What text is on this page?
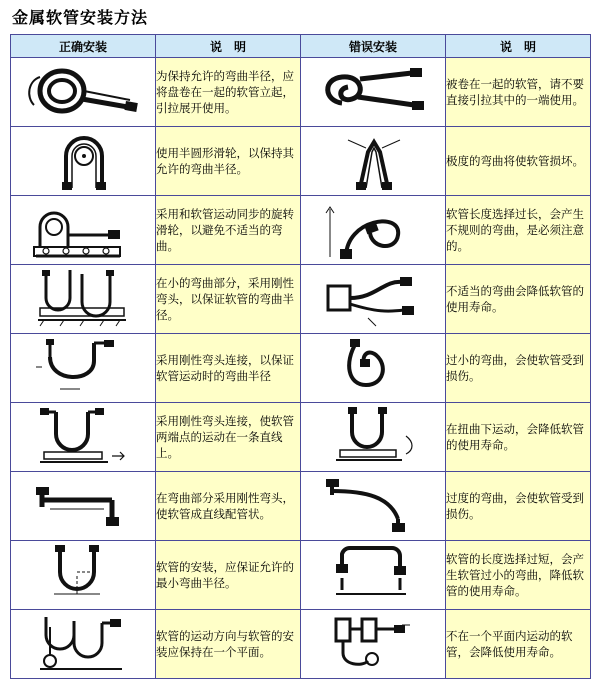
金属软管安装方法
正确安装	说　明	错误安装	说　明

	为保持允许的弯曲半径，应将盘卷在一起的软管立起，引拉展开使用。		被卷在一起的软管，请不要直接引拉其中的一端使用。

	使用半圆形滑轮，以保持其允许的弯曲半径。		极度的弯曲将使软管损坏。

	采用和软管运动同步的旋转滑轮，以避免不适当的弯曲。		软管长度选择过长，会产生不规则的弯曲，是必须注意的。

	在小的弯曲部分，采用刚性弯头，以保证软管的弯曲半径。		不适当的弯曲会降低软管的使用寿命。

	采用刚性弯头连接，以保证软管运动时的弯曲半径		过小的弯曲，会使软管受到损伤。

	采用刚性弯头连接，使软管两端点的运动在一条直线上。		在扭曲下运动，会降低软管的使用寿命。

	在弯曲部分采用刚性弯头，使软管成直线配管状。		过度的弯曲，会使软管受到损伤。

	软管的安装，应保证允许的最小弯曲半径。		软管的长度选择过短，会产生软管过小的弯曲，降低软管的使用寿命。

	软管的运动方向与软管的安装应保持在一个平面。		不在一个平面内运动的软管，会降低使用寿命。
